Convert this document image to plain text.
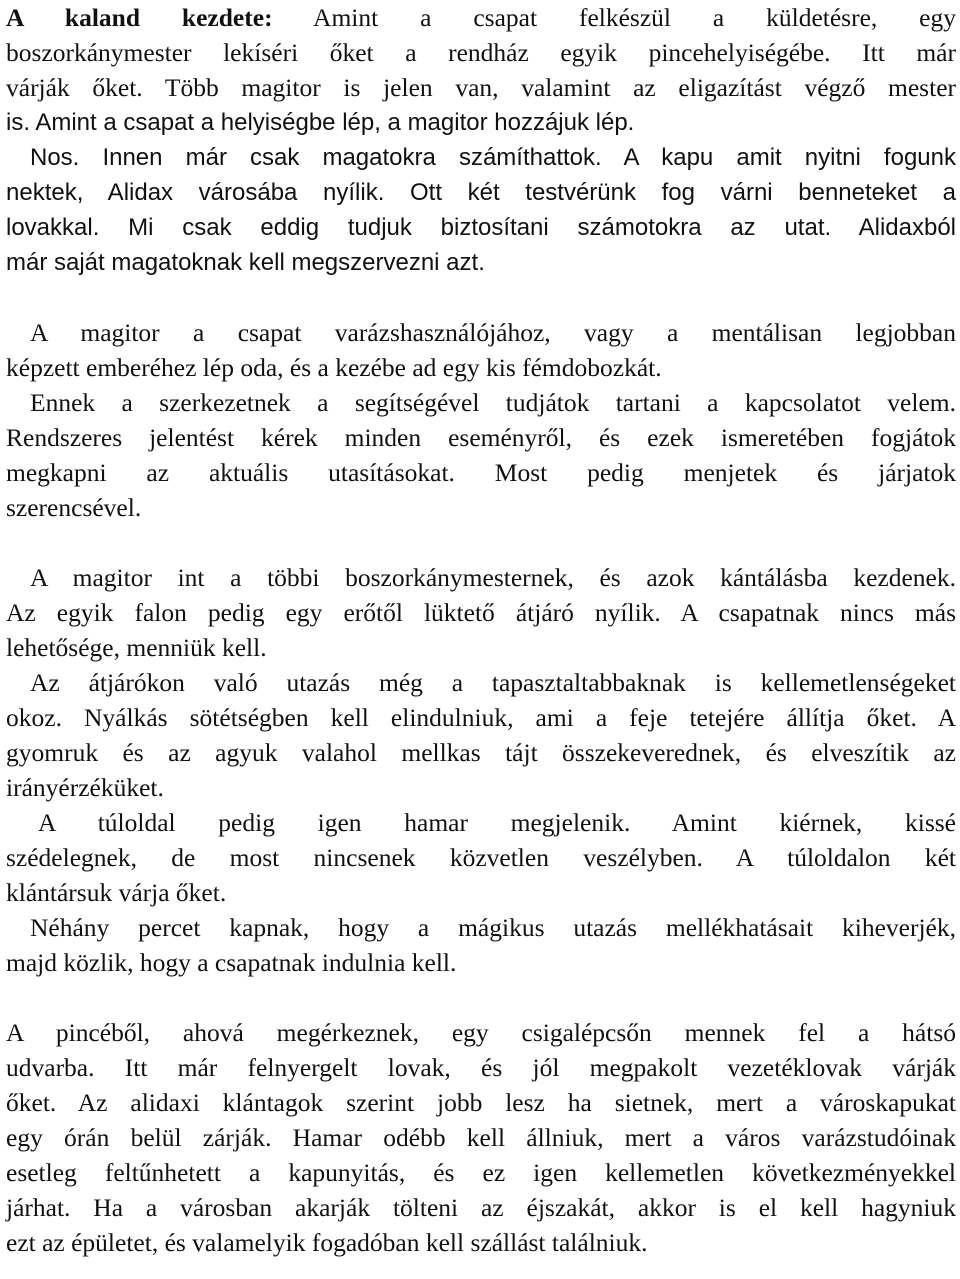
A kaland kezdete: Amint a csapat felkészül a küldetésre, egy
boszorkánymester lekíséri őket a rendház egyik pincehelyiségébe. Itt már
várják őket. Több magitor is jelen van, valamint az eligazítást végző mester
is. Amint a csapat a helyiségbe lép, a magitor hozzájuk lép.
Nos. Innen már csak magatokra számíthattok. A kapu amit nyitni fogunk
nektek, Alidax városába nyílik. Ott két testvérünk fog várni benneteket a
lovakkal. Mi csak eddig tudjuk biztosítani számotokra az utat. Alidaxból
már saját magatoknak kell megszervezni azt.
A magitor a csapat varázshasználójához, vagy a mentálisan legjobban
képzett emberéhez lép oda, és a kezébe ad egy kis fémdobozkát.
Ennek a szerkezetnek a segítségével tudjátok tartani a kapcsolatot velem.
Rendszeres jelentést kérek minden eseményről, és ezek ismeretében fogjátok
megkapni az aktuális utasításokat. Most pedig menjetek és járjatok
szerencsével.
A magitor int a többi boszorkánymesternek, és azok kántálásba kezdenek.
Az egyik falon pedig egy erőtől lüktető átjáró nyílik. A csapatnak nincs más
lehetősége, menniük kell.
Az átjárókon való utazás még a tapasztaltabbaknak is kellemetlenségeket
okoz. Nyálkás sötétségben kell elindulniuk, ami a feje tetejére állítja őket. A
gyomruk és az agyuk valahol mellkas tájt összekeverednek, és elveszítik az
irányérzéküket.
A túloldal pedig igen hamar megjelenik. Amint kiérnek, kissé
szédelegnek, de most nincsenek közvetlen veszélyben. A túloldalon két
klántársuk várja őket.
Néhány percet kapnak, hogy a mágikus utazás mellékhatásait kiheverjék,
majd közlik, hogy a csapatnak indulnia kell.
A pincéből, ahová megérkeznek, egy csigalépcsőn mennek fel a hátsó
udvarba. Itt már felnyergelt lovak, és jól megpakolt vezetéklovak várják
őket. Az alidaxi klántagok szerint jobb lesz ha sietnek, mert a városkapukat
egy órán belül zárják. Hamar odébb kell állniuk, mert a város varázstudóinak
esetleg feltűnhetett a kapunyitás, és ez igen kellemetlen következményekkel
járhat. Ha a városban akarják tölteni az éjszakát, akkor is el kell hagyniuk
ezt az épületet, és valamelyik fogadóban kell szállást találniuk.
